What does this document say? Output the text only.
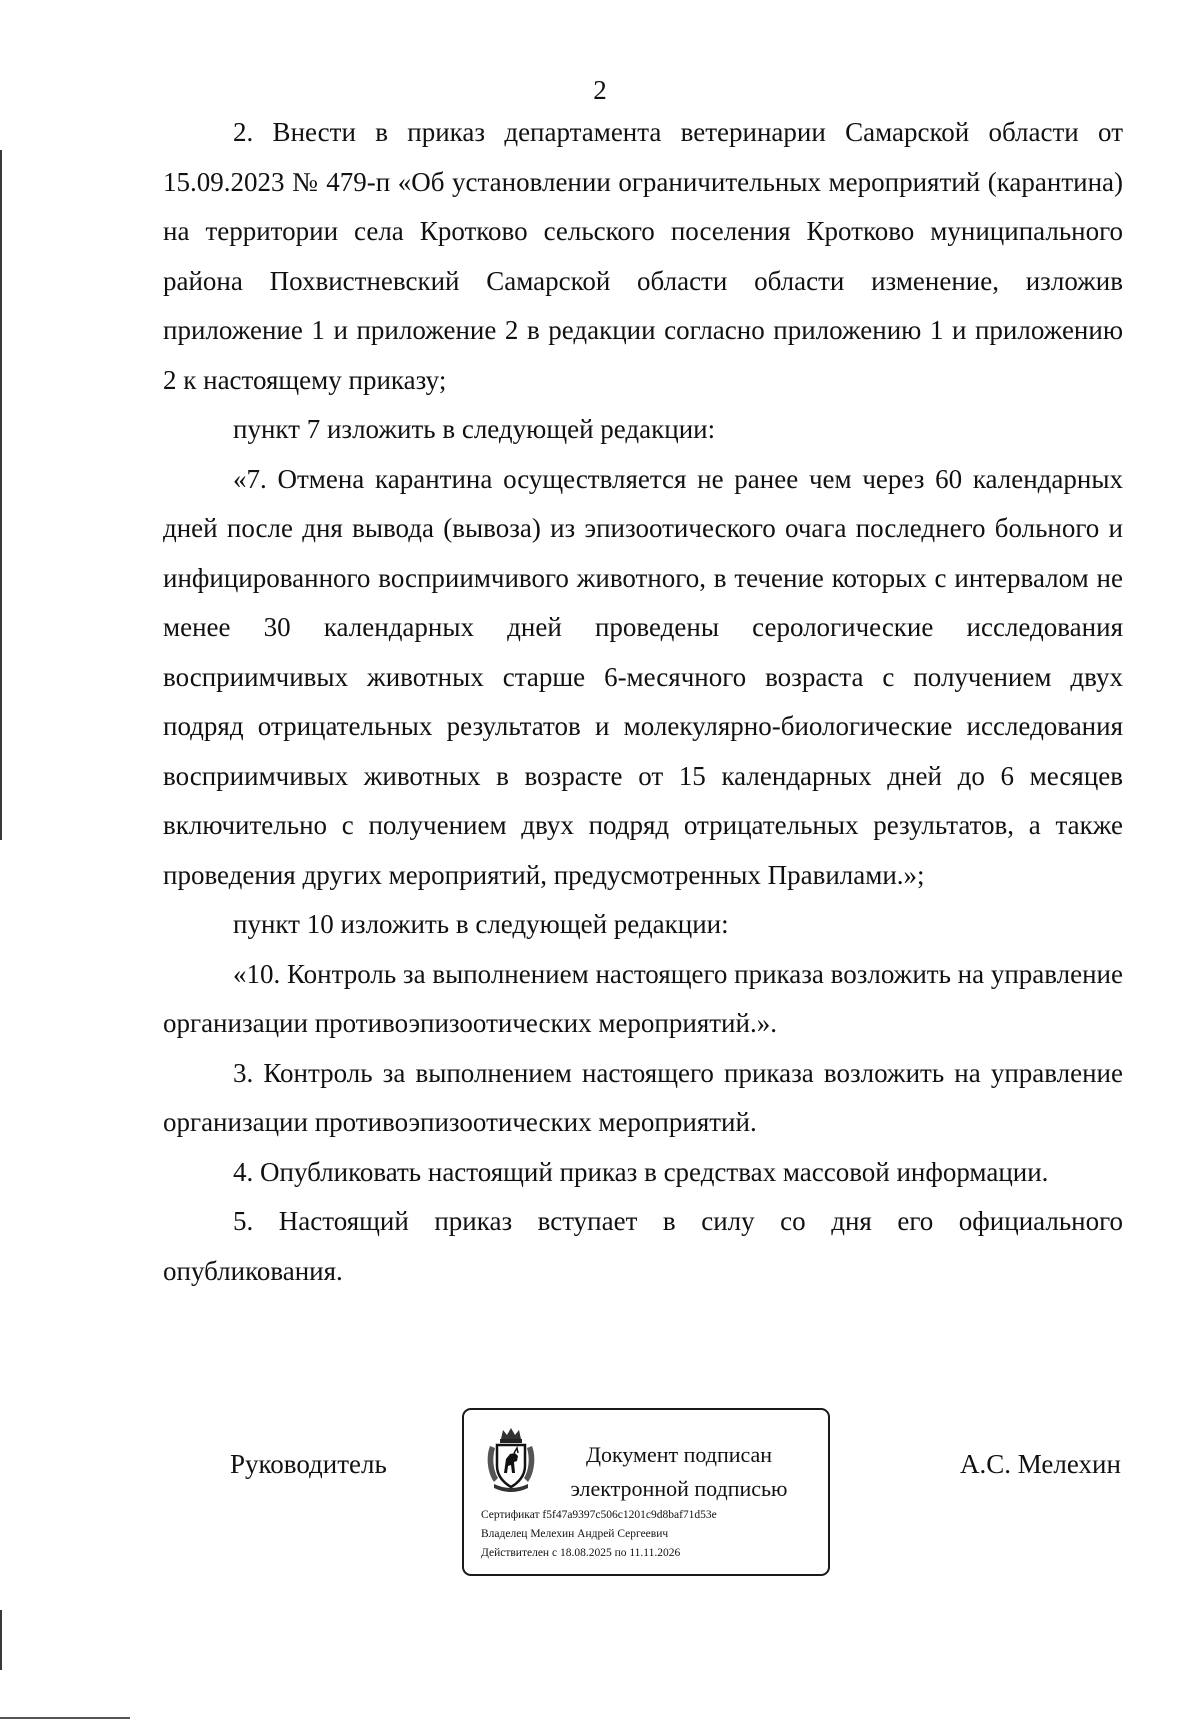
2

2. Внести в приказ департамента ветеринарии Самарской области от 15.09.2023 № 479-п «Об установлении ограничительных мероприятий (карантина) на территории села Кротково сельского поселения Кротково муниципального района Похвистневский Самарской области области изменение, изложив приложение 1 и приложение 2 в редакции согласно приложению 1 и приложению 2 к настоящему приказу;

пункт 7 изложить в следующей редакции:

«7. Отмена карантина осуществляется не ранее чем через 60 календарных дней после дня вывода (вывоза) из эпизоотического очага последнего больного и инфицированного восприимчивого животного, в течение которых с интервалом не менее 30 календарных дней проведены серологические исследования восприимчивых животных старше 6-месячного возраста с получением двух подряд отрицательных результатов и молекулярно-биологические исследования восприимчивых животных в возрасте от 15 календарных дней до 6 месяцев включительно с получением двух подряд отрицательных результатов, а также проведения других мероприятий, предусмотренных Правилами.»;

пункт 10 изложить в следующей редакции:

«10. Контроль за выполнением настоящего приказа возложить на управление организации противоэпизоотических мероприятий.».

3. Контроль за выполнением настоящего приказа возложить на управление организации противоэпизоотических мероприятий.

4. Опубликовать настоящий приказ в средствах массовой информации.

5. Настоящий приказ вступает в силу со дня его официального опубликования.

Руководитель	Документ подписан
электронной подписью
Сертификат f5f47a9397c506c1201c9d8baf71d53e
Владелец Мелехин Андрей Сергеевич
Действителен с 18.08.2025 по 11.11.2026
А.С. Мелехин
